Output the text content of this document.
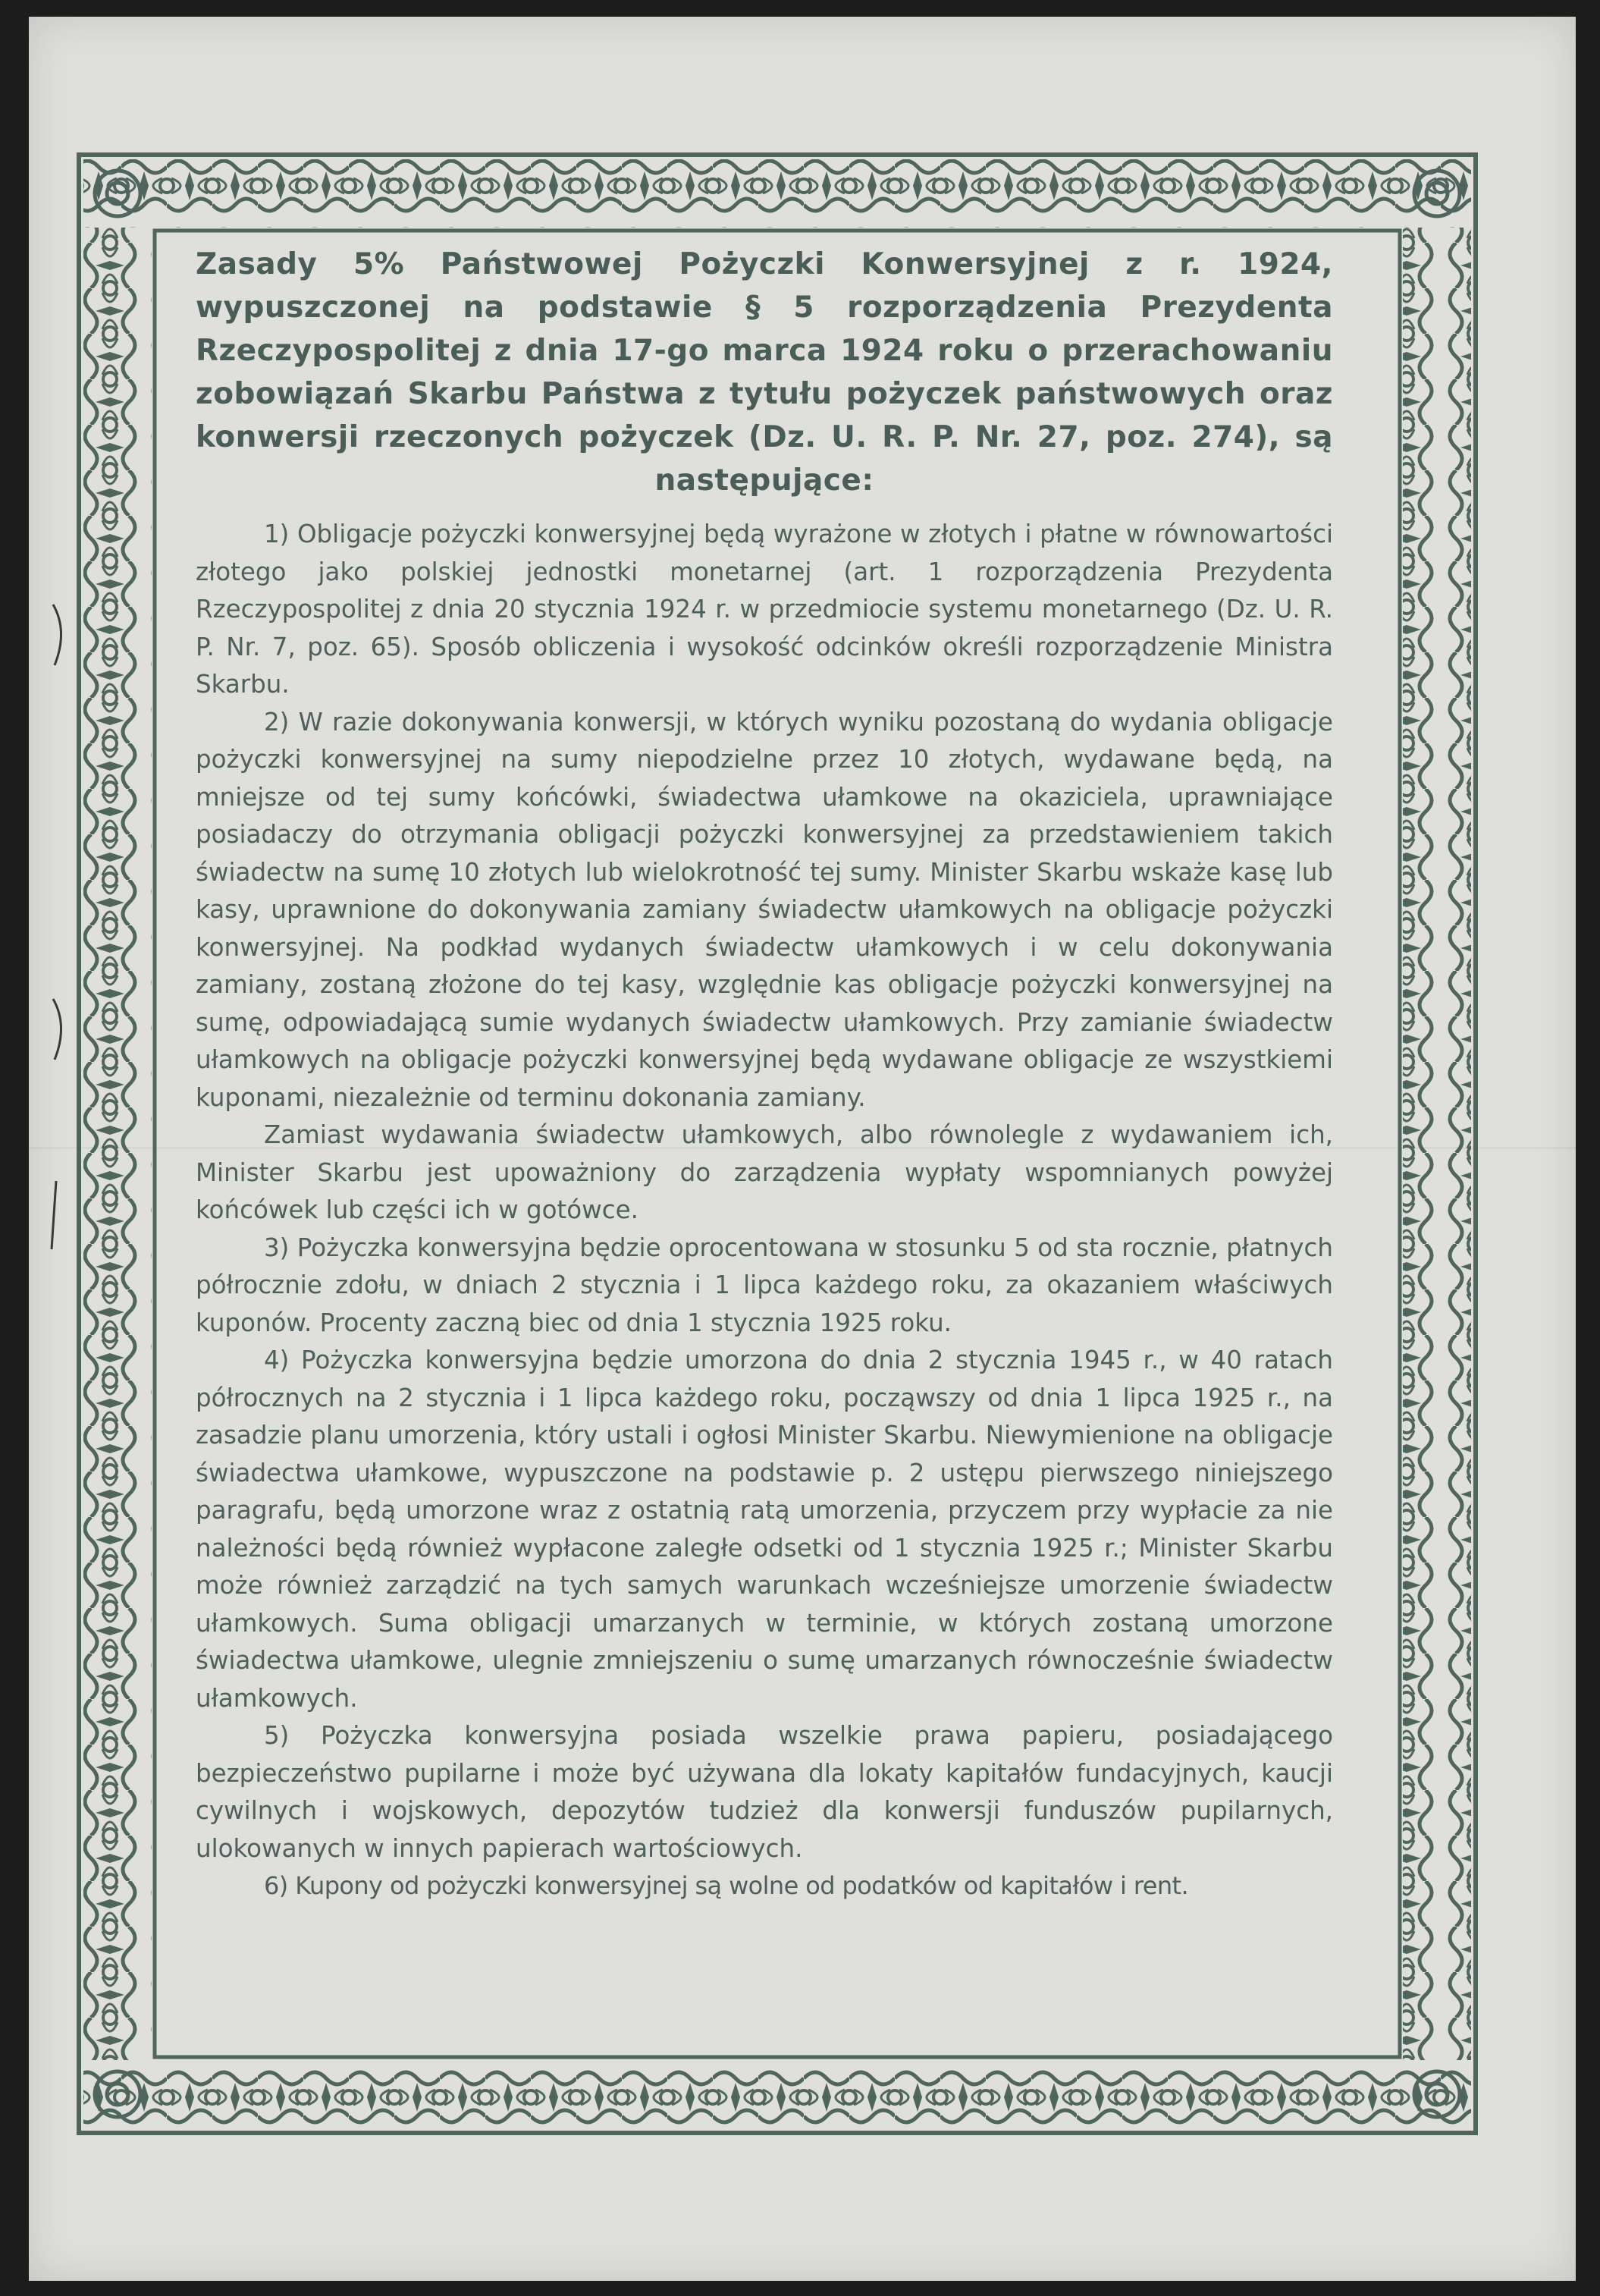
Zasady 5% Państwowej Pożyczki Konwersyjnej z r. 1924, wypuszczonej na podstawie § 5 rozporządzenia Prezydenta Rzeczypospolitej z dnia 17-go marca 1924 roku o przerachowaniu zobowiązań Skarbu Państwa z tytułu pożyczek państwowych oraz konwersji rzeczonych pożyczek (Dz. U. R. P. Nr. 27, poz. 274), są następujące:

1) Obligacje pożyczki konwersyjnej będą wyrażone w złotych i płatne w równowartości złotego jako polskiej jednostki monetarnej (art. 1 rozporządzenia Prezydenta Rzeczypospolitej z dnia 20 stycznia 1924 r. w przedmiocie systemu monetarnego (Dz. U. R. P. Nr. 7, poz. 65). Sposób obliczenia i wysokość odcinków określi rozporządzenie Ministra Skarbu.

2) W razie dokonywania konwersji, w których wyniku pozostaną do wydania obligacje pożyczki konwersyjnej na sumy niepodzielne przez 10 złotych, wydawane będą, na mniejsze od tej sumy końcówki, świadectwa ułamkowe na okaziciela, uprawniające posiadaczy do otrzymania obligacji pożyczki konwersyjnej za przedstawieniem takich świadectw na sumę 10 złotych lub wielokrotność tej sumy. Minister Skarbu wskaże kasę lub kasy, uprawnione do dokonywania zamiany świadectw ułamkowych na obligacje pożyczki konwersyjnej. Na podkład wydanych świadectw ułamkowych i w celu dokonywania zamiany, zostaną złożone do tej kasy, względnie kas obligacje pożyczki konwersyjnej na sumę, odpowiadającą sumie wydanych świadectw ułamkowych. Przy zamianie świadectw ułamkowych na obligacje pożyczki konwersyjnej będą wydawane obligacje ze wszystkiemi kuponami, niezależnie od terminu dokonania zamiany.

Zamiast wydawania świadectw ułamkowych, albo równolegle z wydawaniem ich, Minister Skarbu jest upoważniony do zarządzenia wypłaty wspomnianych powyżej końcówek lub części ich w gotówce.

3) Pożyczka konwersyjna będzie oprocentowana w stosunku 5 od sta rocznie, płatnych półrocznie zdołu, w dniach 2 stycznia i 1 lipca każdego roku, za okazaniem właściwych kuponów. Procenty zaczną biec od dnia 1 stycznia 1925 roku.

4) Pożyczka konwersyjna będzie umorzona do dnia 2 stycznia 1945 r., w 40 ratach półrocznych na 2 stycznia i 1 lipca każdego roku, począwszy od dnia 1 lipca 1925 r., na zasadzie planu umorzenia, który ustali i ogłosi Minister Skarbu. Niewymienione na obligacje świadectwa ułamkowe, wypuszczone na podstawie p. 2 ustępu pierwszego niniejszego paragrafu, będą umorzone wraz z ostatnią ratą umorzenia, przyczem przy wypłacie za nie należności będą również wypłacone zaległe odsetki od 1 stycznia 1925 r.; Minister Skarbu może również zarządzić na tych samych warunkach wcześniejsze umorzenie świadectw ułamkowych. Suma obligacji umarzanych w terminie, w których zostaną umorzone świadectwa ułamkowe, ulegnie zmniejszeniu o sumę umarzanych równocześnie świadectw ułamkowych.

5) Pożyczka konwersyjna posiada wszelkie prawa papieru, posiadającego bezpieczeństwo pupilarne i może być używana dla lokaty kapitałów fundacyjnych, kaucji cywilnych i wojskowych, depozytów tudzież dla konwersji funduszów pupilarnych, ulokowanych w innych papierach wartościowych.

6) Kupony od pożyczki konwersyjnej są wolne od podatków od kapitałów i rent.
